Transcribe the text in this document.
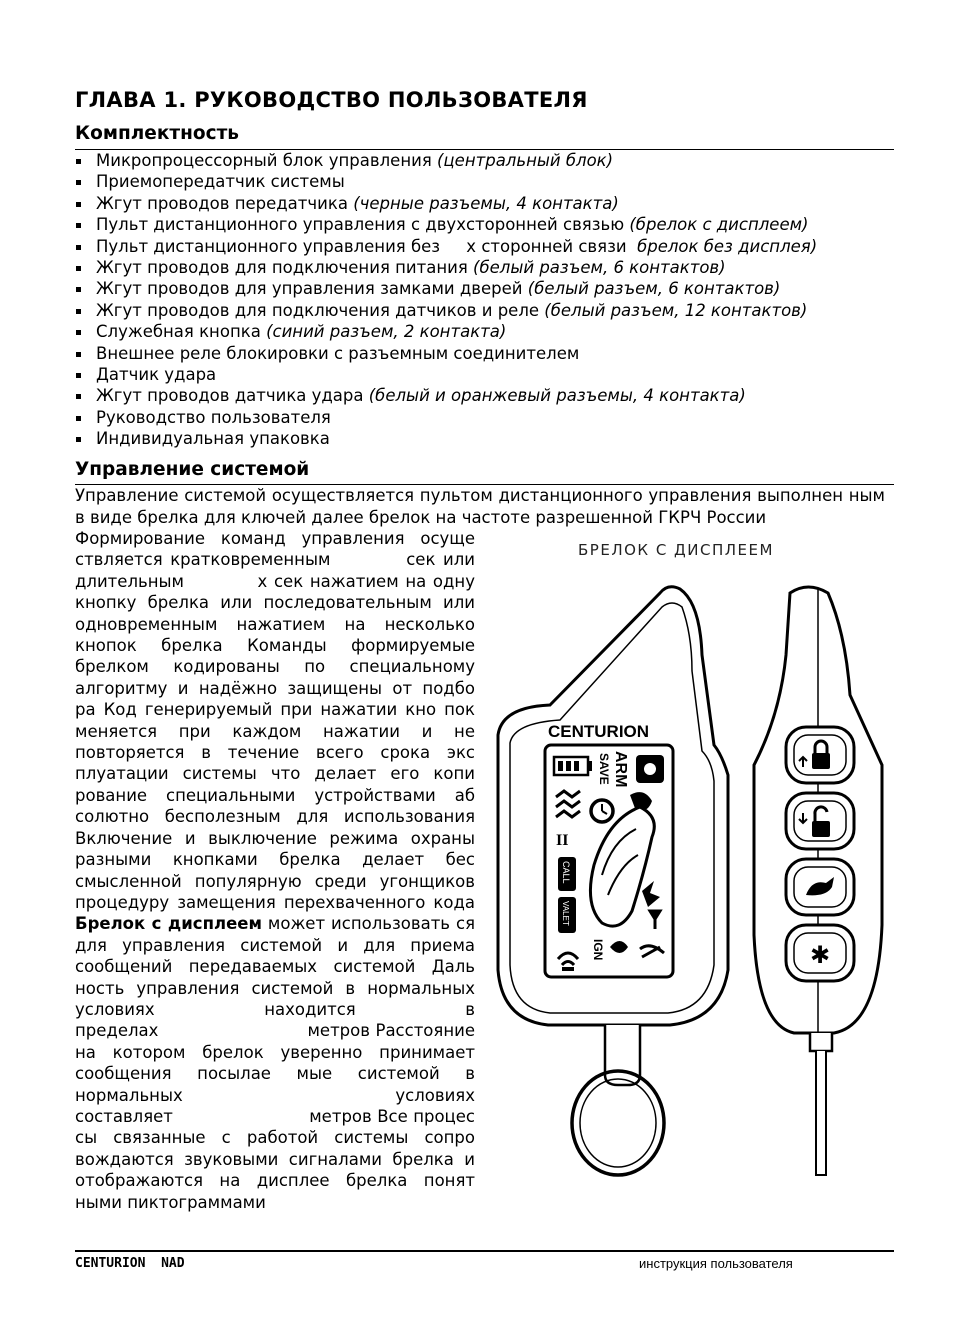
ГЛАВА 1. РУКОВОДСТВО ПОЛЬЗОВАТЕЛЯ
Комплектность
Микропроцессорный блок управления (центральный блок)
Приемопередатчик системы
Жгут проводов передатчика (черные разъемы, 4 контакта)
Пульт дистанционного управления с двухсторонней связью (брелок с дисплеем)
Пульт дистанционного управления без     х сторонней связи  брелок без дисплея)
Жгут проводов для подключения питания (белый разъем, 6 контактов)
Жгут проводов для управления замками дверей (белый разъем, 6 контактов)
Жгут проводов для подключения датчиков и реле (белый разъем, 12 контактов)
Служебная кнопка (синий разъем, 2 контакта)
Внешнее реле блокировки с разъемным соединителем
Датчик удара
Жгут проводов датчика удара (белый и оранжевый разъемы, 4 контакта)
Руководство пользователя
Индивидуальная упаковка
Управление системой
Управление системой осуществляется пультом дистанционного управления выполнен ным в виде брелка для ключей далее брелок на частоте разрешенной ГКРЧ России

Формирование команд управления осуще ствляется кратковременным          сек или длительным           х сек нажатием на одну кнопку брелка или последовательным или одновременным нажатием на несколько кнопок брелка Команды формируемые брелком кодированы по специальному алгоритму и надёжно защищены от подбо ра Код генерируемый при нажатии кно пок меняется при каждом нажатии и не повторяется в течение всего срока экс плуатации системы что делает его копи рование специальными устройствами аб солютно бесполезным для использования

Включение и выключение режима охраны разными кнопками брелка делает бес смысленной популярную среди угонщиков процедуру замещения перехваченного кода

Брелок с дисплеем может использовать ся для управления системой и для приема сообщений передаваемых системой Даль ность управления системой в нормальных условиях находится в пределах                           метров Расстояние на котором брелок уверенно принимает сообщения посылае мые системой в нормальных условиях составляет                         метров Все процес сы связанные с работой системы сопро вождаются звуковыми сигналами брелка и отображаются на дисплее брелка понят ными пиктограммами

БРЕЛОК С ДИСПЛЕЕМ
CENTURION
SAVE ARM
II
CALL
VALET
IGN	✱
CENTURION  NAD	инструкция пользователя
